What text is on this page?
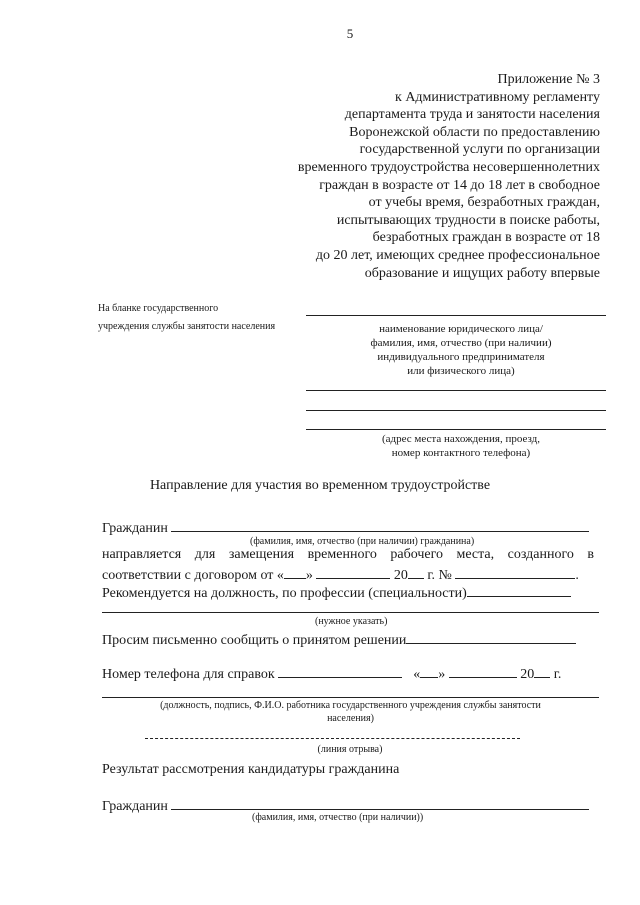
5
Приложение № 3
к Административному регламенту
департамента труда и занятости населения
Воронежской области по предоставлению
государственной услуги по организации
временного трудоустройства несовершеннолетних
граждан в возрасте от 14 до 18 лет в свободное
от учебы время, безработных граждан,
испытывающих трудности в поиске работы,
безработных граждан в возрасте от 18
до 20 лет, имеющих среднее профессиональное
образование и ищущих работу впервые
На бланке государственного
учреждения службы занятости населения	наименование юридического лица/
фамилия, имя, отчество (при наличии)
индивидуального предпринимателя
или физического лица)
(адрес места нахождения, проезд,
номер контактного телефона)
Направление для участия во временном трудоустройстве
Гражданин
(фамилия, имя, отчество (при наличии) гражданина)
направляется для замещения временного рабочего места, созданного в
соответствии с договором от « »	20 г. №	.
Рекомендуется на должность, по профессии (специальности)
(нужное указать)
Просим письменно сообщить о принятом решении
Номер телефона для справок	« »	20 г.
(должность, подпись, Ф.И.О. работника государственного учреждения службы занятости
населения)
(линия отрыва)
Результат рассмотрения кандидатуры гражданина
Гражданин
(фамилия, имя, отчество (при наличии))
